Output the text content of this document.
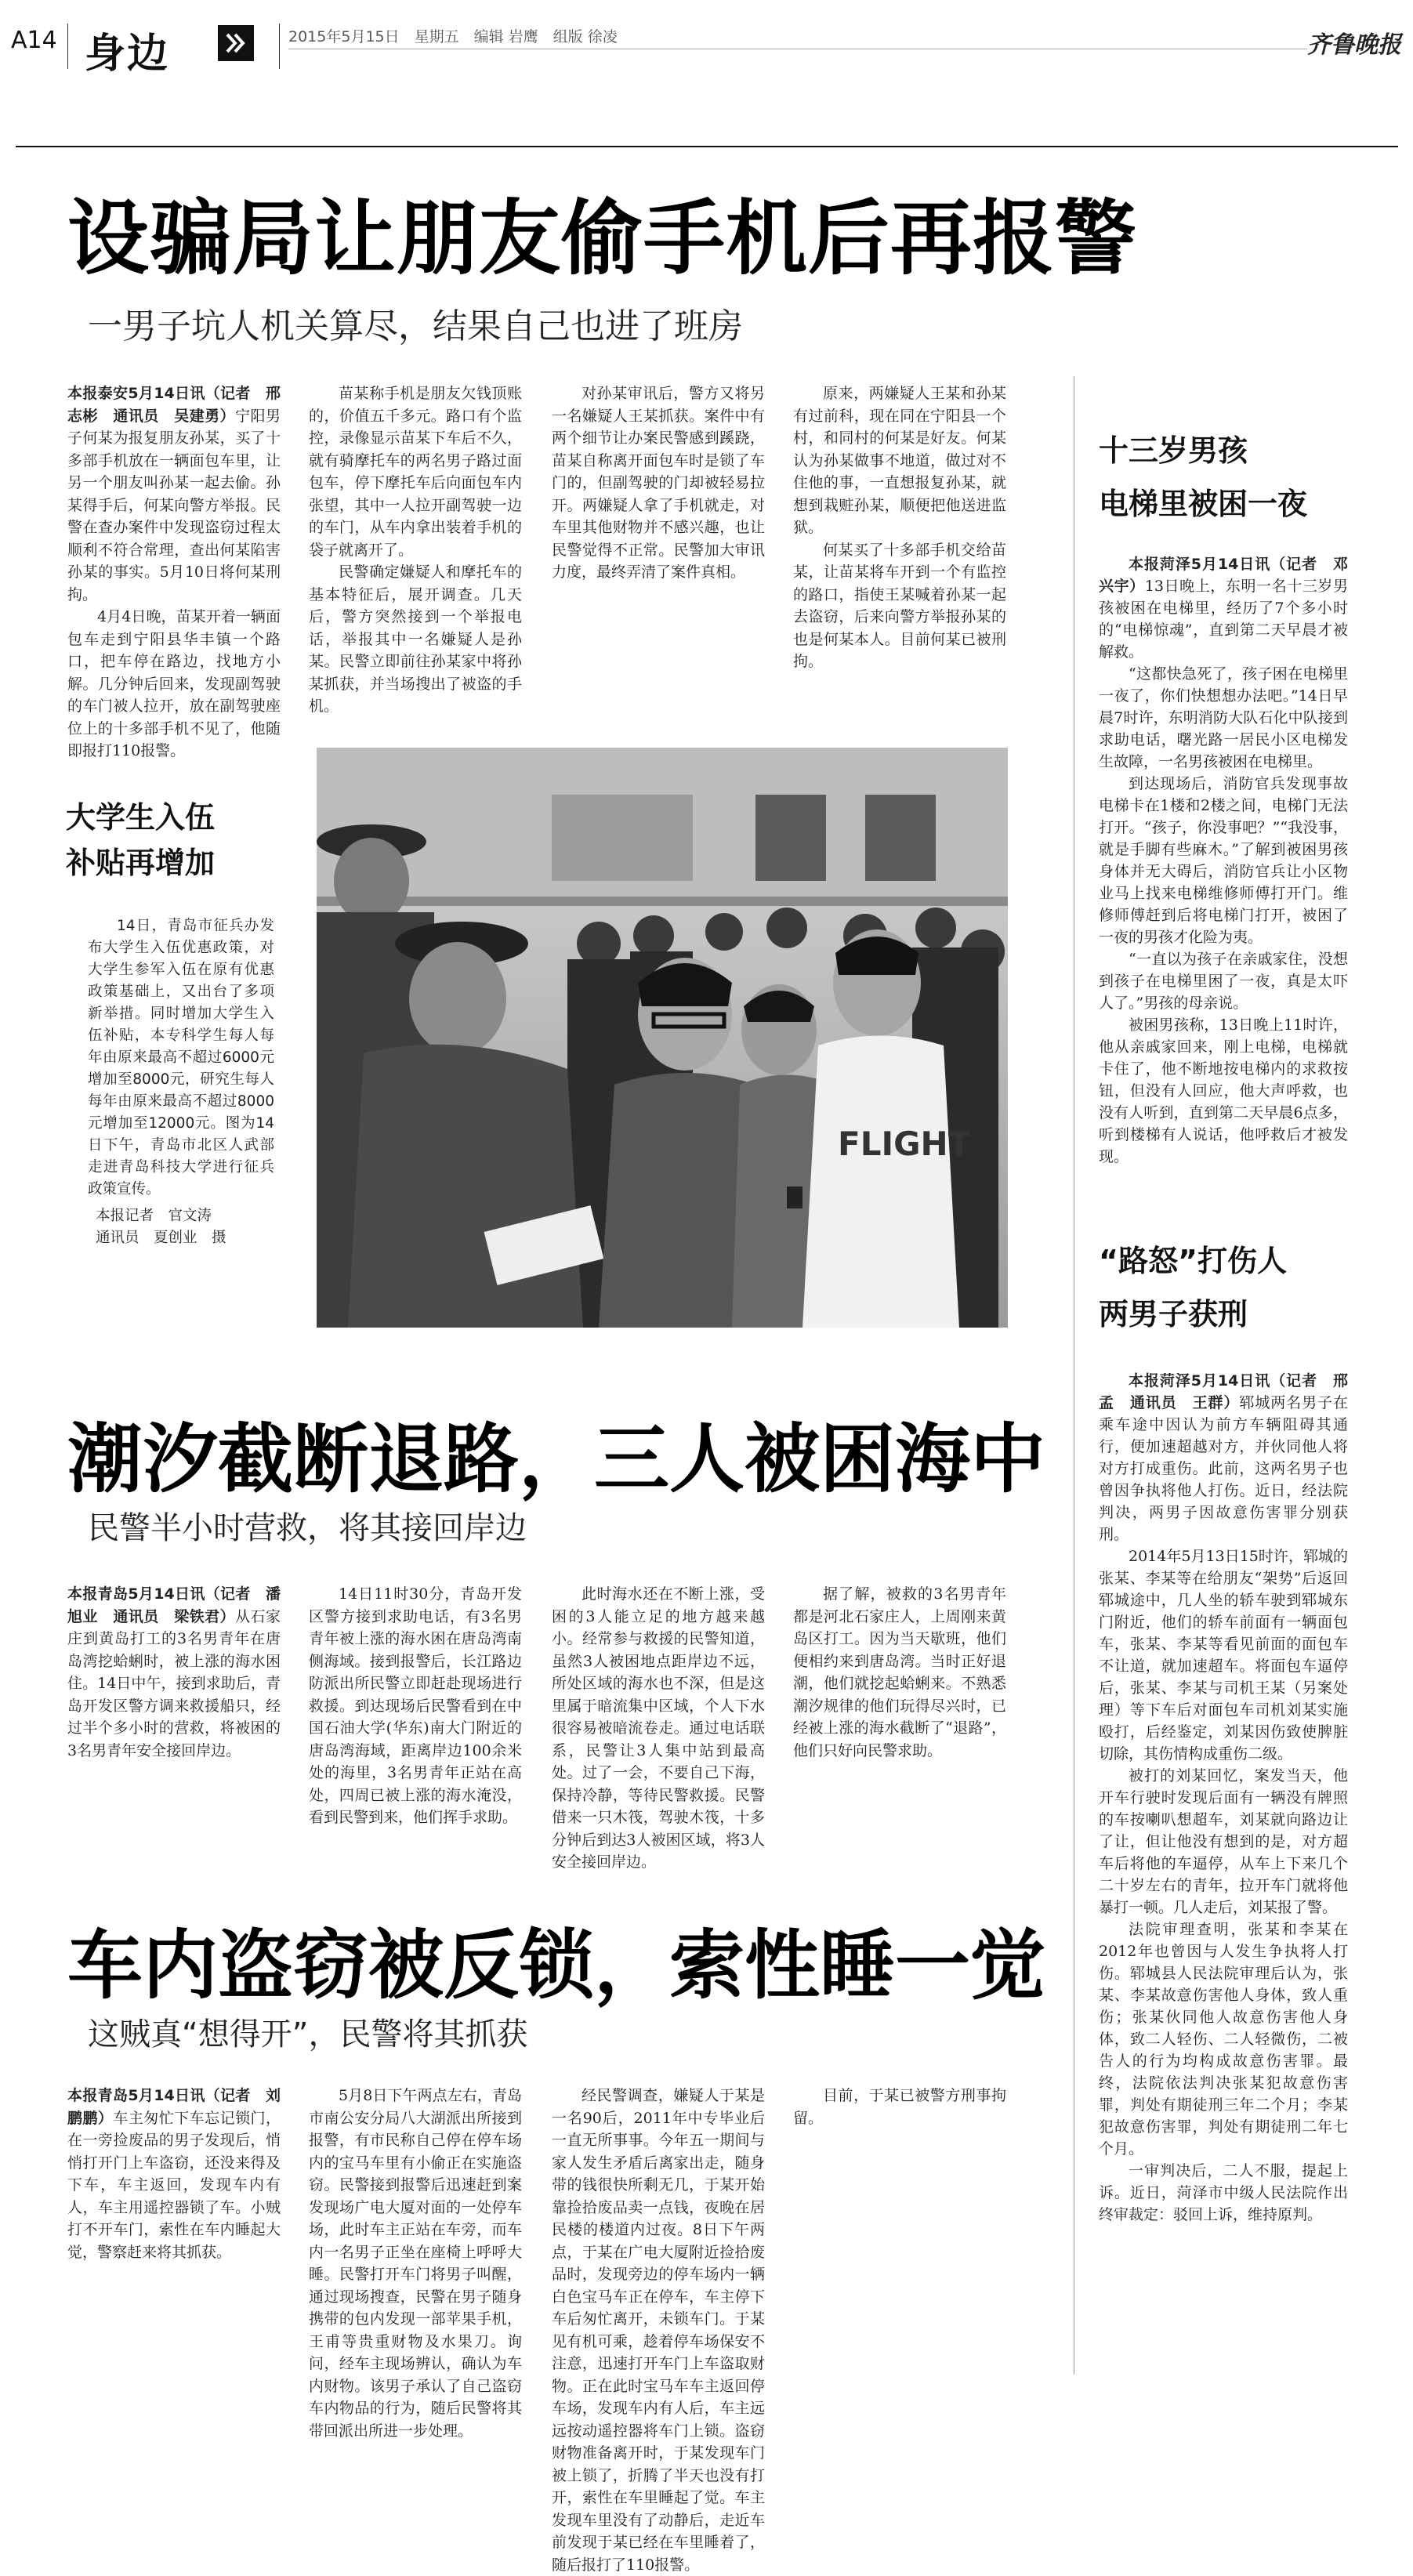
A14 身边	2015年5月15日　星期五　编辑 岩鹰　组版 徐凌	齐鲁晚报
设骗局让朋友偷手机后再报警
一男子坑人机关算尽，结果自己也进了班房

本报泰安5月14日讯（记者　邢志彬　通讯员　吴建勇）宁阳男子何某为报复朋友孙某，买了十多部手机放在一辆面包车里，让另一个朋友叫孙某一起去偷。孙某得手后，何某向警方举报。民警在查办案件中发现盗窃过程太顺利不符合常理，查出何某陷害孙某的事实。5月10日将何某刑拘。

4月4日晚，苗某开着一辆面包车走到宁阳县华丰镇一个路口，把车停在路边，找地方小解。几分钟后回来，发现副驾驶的车门被人拉开，放在副驾驶座位上的十多部手机不见了，他随即报打110报警。

苗某称手机是朋友欠钱顶账的，价值五千多元。路口有个监控，录像显示苗某下车后不久，就有骑摩托车的两名男子路过面包车，停下摩托车后向面包车内张望，其中一人拉开副驾驶一边的车门，从车内拿出装着手机的袋子就离开了。

民警确定嫌疑人和摩托车的基本特征后，展开调查。几天后，警方突然接到一个举报电话，举报其中一名嫌疑人是孙某。民警立即前往孙某家中将孙某抓获，并当场搜出了被盗的手机。

对孙某审讯后，警方又将另一名嫌疑人王某抓获。案件中有两个细节让办案民警感到蹊跷，苗某自称离开面包车时是锁了车门的，但副驾驶的门却被轻易拉开。两嫌疑人拿了手机就走，对车里其他财物并不感兴趣，也让民警觉得不正常。民警加大审讯力度，最终弄清了案件真相。

原来，两嫌疑人王某和孙某有过前科，现在同在宁阳县一个村，和同村的何某是好友。何某认为孙某做事不地道，做过对不住他的事，一直想报复孙某，就想到栽赃孙某，顺便把他送进监狱。

何某买了十多部手机交给苗某，让苗某将车开到一个有监控的路口，指使王某喊着孙某一起去盗窃，后来向警方举报孙某的也是何某本人。目前何某已被刑拘。

大学生入伍
补贴再增加

14日，青岛市征兵办发布大学生入伍优惠政策，对大学生参军入伍在原有优惠政策基础上，又出台了多项新举措。同时增加大学生入伍补贴，本专科学生每人每年由原来最高不超过6000元增加至8000元，研究生每人每年由原来最高不超过8000元增加至12000元。图为14日下午，青岛市北区人武部走进青岛科技大学进行征兵政策宣传。

本报记者　官文涛
通讯员　夏创业　摄
FLIGHT
潮汐截断退路，三人被困海中
民警半小时营救，将其接回岸边

本报青岛5月14日讯（记者　潘旭业　通讯员　梁铁君）从石家庄到黄岛打工的3名男青年在唐岛湾挖蛤蜊时，被上涨的海水困住。14日中午，接到求助后，青岛开发区警方调来救援船只，经过半个多小时的营救，将被困的3名男青年安全接回岸边。

14日11时30分，青岛开发区警方接到求助电话，有3名男青年被上涨的海水困在唐岛湾南侧海域。接到报警后，长江路边防派出所民警立即赶赴现场进行救援。到达现场后民警看到在中国石油大学(华东)南大门附近的唐岛湾海域，距离岸边100余米处的海里，3名男青年正站在高处，四周已被上涨的海水淹没，看到民警到来，他们挥手求助。

此时海水还在不断上涨，受困的3人能立足的地方越来越小。经常参与救援的民警知道，虽然3人被困地点距岸边不远，所处区域的海水也不深，但是这里属于暗流集中区域，个人下水很容易被暗流卷走。通过电话联系，民警让3人集中站到最高处。过了一会，不要自己下海，保持冷静，等待民警救援。民警借来一只木筏，驾驶木筏，十多分钟后到达3人被困区域，将3人安全接回岸边。

据了解，被救的3名男青年都是河北石家庄人，上周刚来黄岛区打工。因为当天歇班，他们便相约来到唐岛湾。当时正好退潮，他们就挖起蛤蜊来。不熟悉潮汐规律的他们玩得尽兴时，已经被上涨的海水截断了“退路”，他们只好向民警求助。

车内盗窃被反锁，索性睡一觉
这贼真“想得开”，民警将其抓获

本报青岛5月14日讯（记者　刘鹏鹏）车主匆忙下车忘记锁门，在一旁捡废品的男子发现后，悄悄打开门上车盗窃，还没来得及下车，车主返回，发现车内有人，车主用遥控器锁了车。小贼打不开车门，索性在车内睡起大觉，警察赶来将其抓获。

5月8日下午两点左右，青岛市南公安分局八大湖派出所接到报警，有市民称自己停在停车场内的宝马车里有小偷正在实施盗窃。民警接到报警后迅速赶到案发现场广电大厦对面的一处停车场，此时车主正站在车旁，而车内一名男子正坐在座椅上呼呼大睡。民警打开车门将男子叫醒，通过现场搜查，民警在男子随身携带的包内发现一部苹果手机，王甫等贵重财物及水果刀。询问，经车主现场辨认，确认为车内财物。该男子承认了自己盗窃车内物品的行为，随后民警将其带回派出所进一步处理。

经民警调查，嫌疑人于某是一名90后，2011年中专毕业后一直无所事事。今年五一期间与家人发生矛盾后离家出走，随身带的钱很快所剩无几，于某开始靠捡拾废品卖一点钱，夜晚在居民楼的楼道内过夜。8日下午两点，于某在广电大厦附近捡拾废品时，发现旁边的停车场内一辆白色宝马车正在停车，车主停下车后匆忙离开，未锁车门。于某见有机可乘，趁着停车场保安不注意，迅速打开车门上车盗取财物。正在此时宝马车车主返回停车场，发现车内有人后，车主远远按动遥控器将车门上锁。盗窃财物准备离开时，于某发现车门被上锁了，折腾了半天也没有打开，索性在车里睡起了觉。车主发现车里没有了动静后，走近车前发现于某已经在车里睡着了，随后报打了110报警。

目前，于某已被警方刑事拘留。

十三岁男孩
电梯里被困一夜

本报菏泽5月14日讯（记者　邓兴宇）13日晚上，东明一名十三岁男孩被困在电梯里，经历了7个多小时的“电梯惊魂”，直到第二天早晨才被解救。

“这都快急死了，孩子困在电梯里一夜了，你们快想想办法吧。”14日早晨7时许，东明消防大队石化中队接到求助电话，曙光路一居民小区电梯发生故障，一名男孩被困在电梯里。

到达现场后，消防官兵发现事故电梯卡在1楼和2楼之间，电梯门无法打开。“孩子，你没事吧？”“我没事，就是手脚有些麻木。”了解到被困男孩身体并无大碍后，消防官兵让小区物业马上找来电梯维修师傅打开门。维修师傅赶到后将电梯门打开，被困了一夜的男孩才化险为夷。

“一直以为孩子在亲戚家住，没想到孩子在电梯里困了一夜，真是太吓人了。”男孩的母亲说。

被困男孩称，13日晚上11时许，他从亲戚家回来，刚上电梯，电梯就卡住了，他不断地按电梯内的求救按钮，但没有人回应，他大声呼救，也没有人听到，直到第二天早晨6点多，听到楼梯有人说话，他呼救后才被发现。

“路怒”打伤人
两男子获刑

本报菏泽5月14日讯（记者　邢孟　通讯员　王群）郓城两名男子在乘车途中因认为前方车辆阻碍其通行，便加速超越对方，并伙同他人将对方打成重伤。此前，这两名男子也曾因争执将他人打伤。近日，经法院判决，两男子因故意伤害罪分别获刑。

2014年5月13日15时许，郓城的张某、李某等在给朋友“架势”后返回郓城途中，几人坐的轿车驶到郓城东门附近，他们的轿车前面有一辆面包车，张某、李某等看见前面的面包车不让道，就加速超车。将面包车逼停后，张某、李某与司机王某（另案处理）等下车后对面包车司机刘某实施殴打，后经鉴定，刘某因伤致使脾脏切除，其伤情构成重伤二级。

被打的刘某回忆，案发当天，他开车行驶时发现后面有一辆没有牌照的车按喇叭想超车，刘某就向路边让了让，但让他没有想到的是，对方超车后将他的车逼停，从车上下来几个二十岁左右的青年，拉开车门就将他暴打一顿。几人走后，刘某报了警。

法院审理查明，张某和李某在2012年也曾因与人发生争执将人打伤。郓城县人民法院审理后认为，张某、李某故意伤害他人身体，致人重伤；张某伙同他人故意伤害他人身体，致二人轻伤、二人轻微伤，二被告人的行为均构成故意伤害罪。最终，法院依法判决张某犯故意伤害罪，判处有期徒刑三年二个月；李某犯故意伤害罪，判处有期徒刑二年七个月。

一审判决后，二人不服，提起上诉。近日，菏泽市中级人民法院作出终审裁定：驳回上诉，维持原判。
